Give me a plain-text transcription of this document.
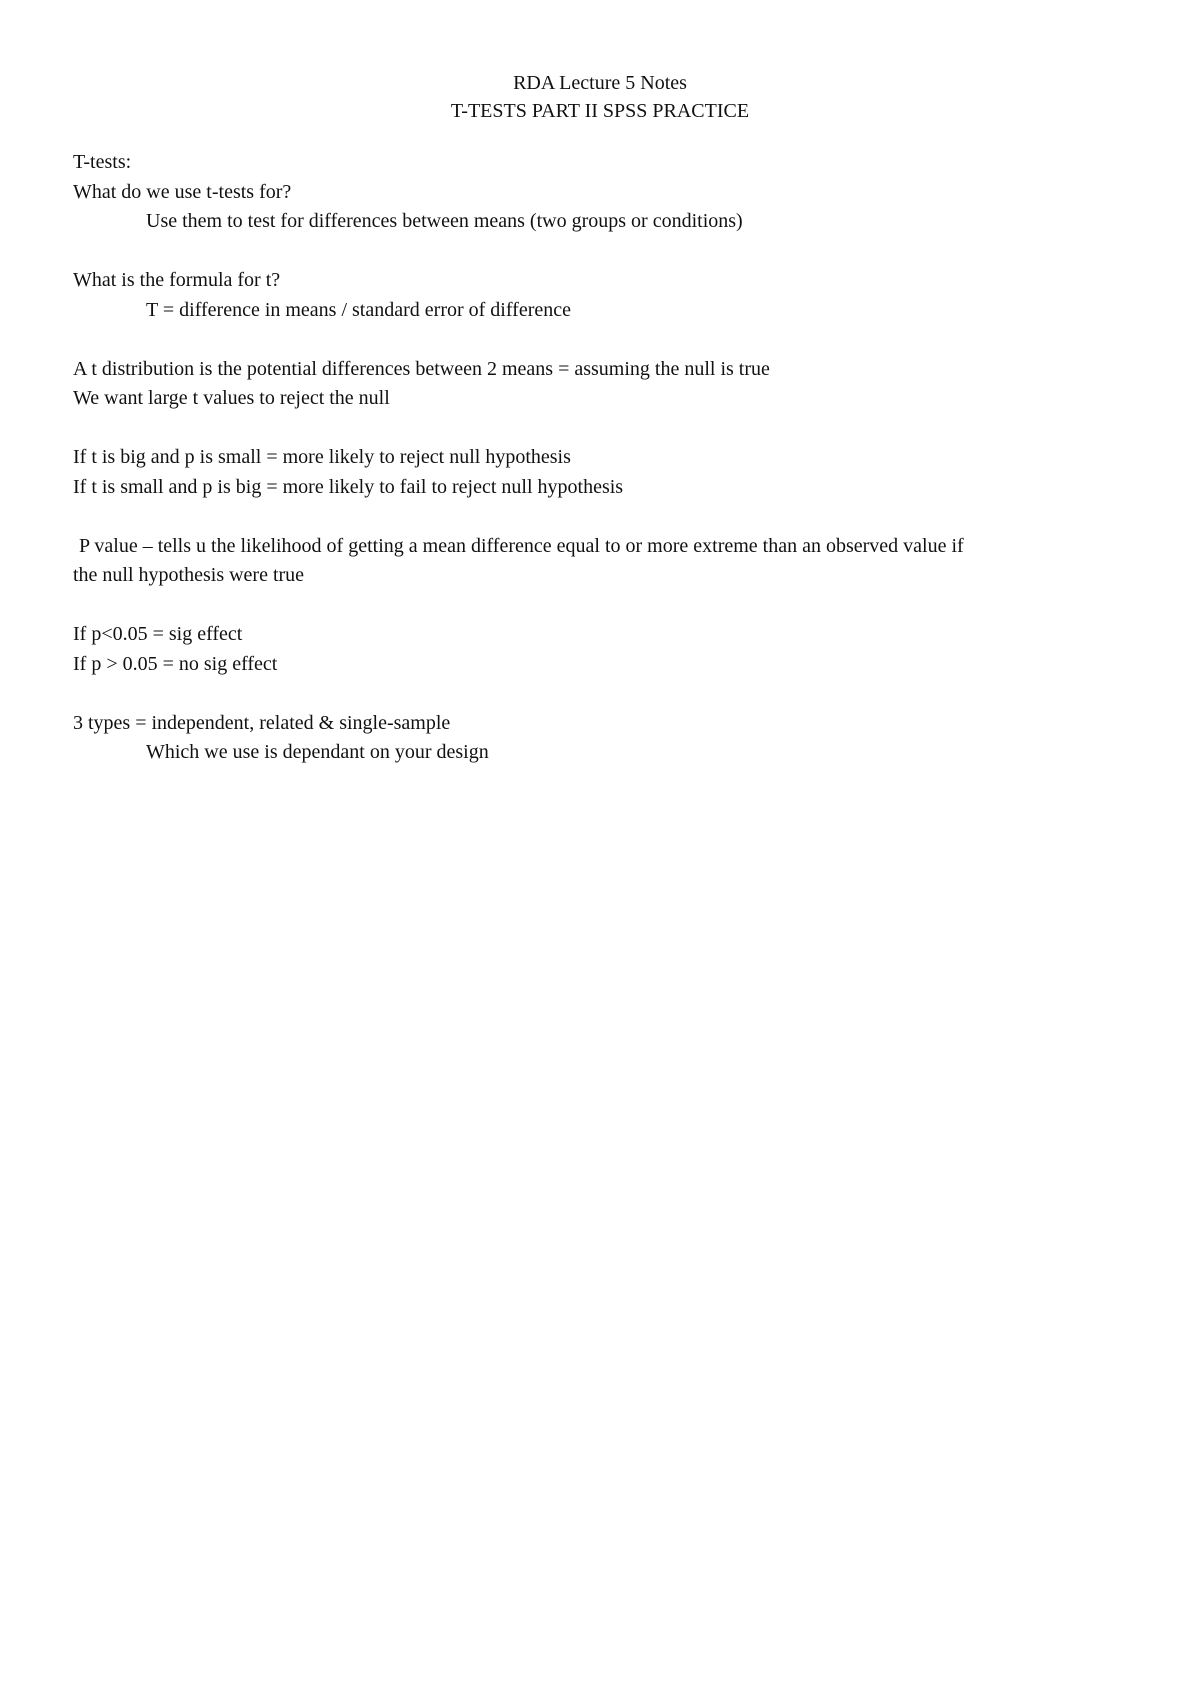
RDA Lecture 5 Notes
T-TESTS PART II SPSS PRACTICE
T-tests:
What do we use t-tests for?
Use them to test for differences between means (two groups or conditions)
What is the formula for t?
T = difference in means / standard error of difference
A t distribution is the potential differences between 2 means = assuming the null is true
We want large t values to reject the null
If t is big and p is small = more likely to reject null hypothesis
If t is small and p is big = more likely to fail to reject null hypothesis
P value – tells u the likelihood of getting a mean difference equal to or more extreme than an observed value if
the null hypothesis were true
If p<0.05 = sig effect
If p > 0.05 = no sig effect
3 types = independent, related & single-sample
Which we use is dependant on your design
